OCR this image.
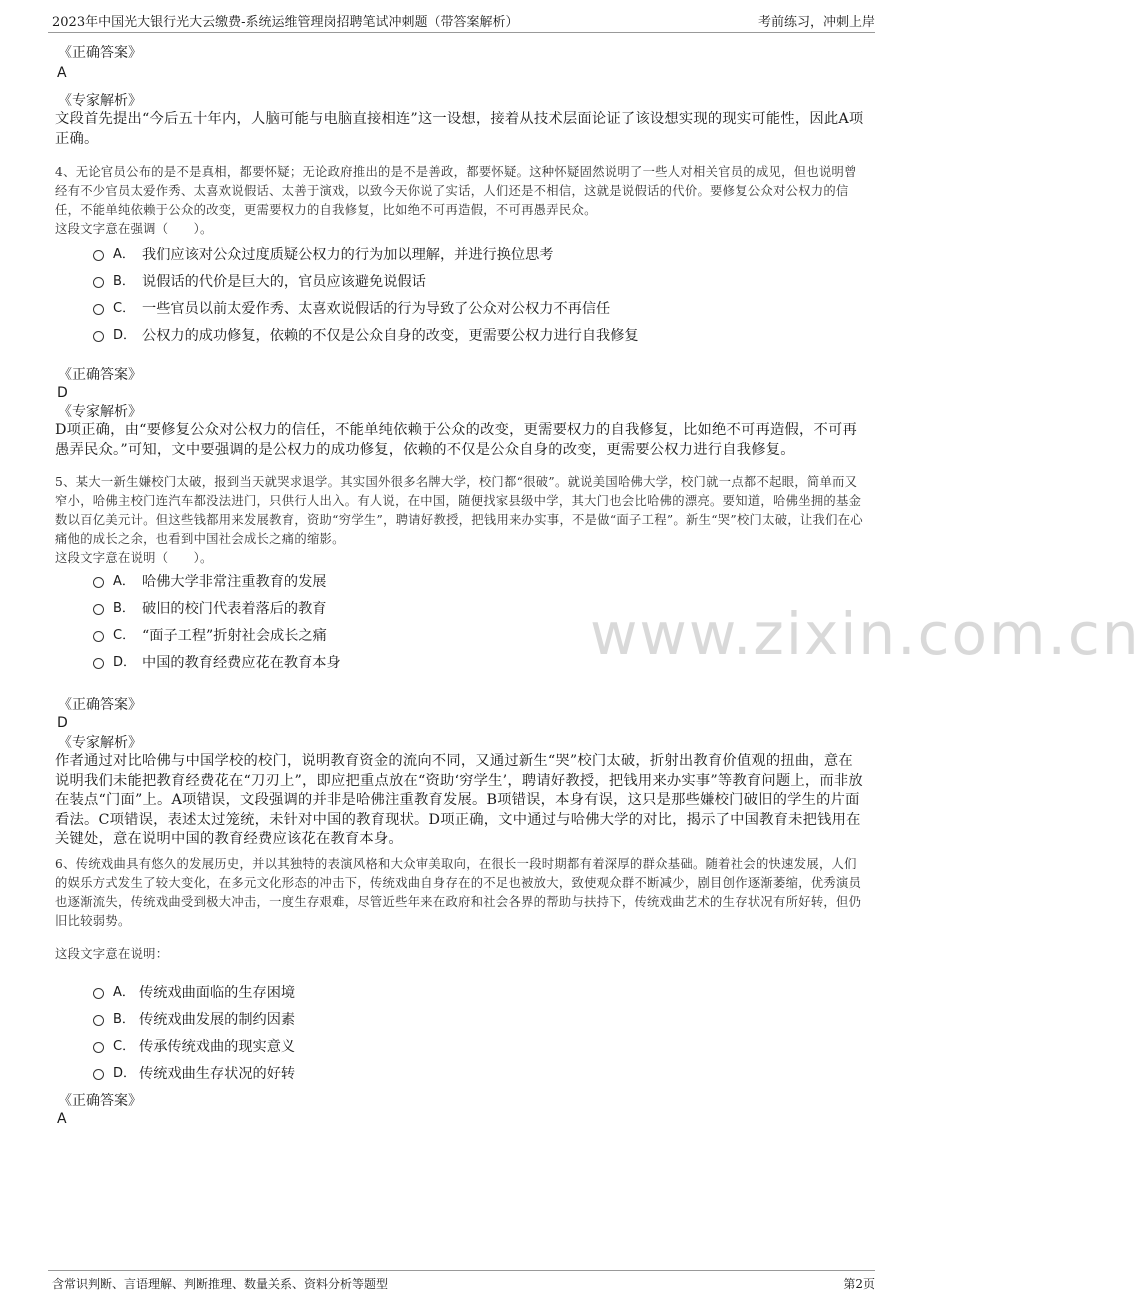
2023年中国光大银行光大云缴费-系统运维管理岗招聘笔试冲刺题（带答案解析）	考前练习，冲刺上岸
www.zixin.com.cn
《正确答案》
A
《专家解析》
文段首先提出“今后五十年内，人脑可能与电脑直接相连”这一设想，接着从技术层面论证了该设想实现的现实可能性，因此A项正确。
4、无论官员公布的是不是真相，都要怀疑；无论政府推出的是不是善政，都要怀疑。这种怀疑固然说明了一些人对相关官员的成见，但也说明曾经有不少官员太爱作秀、太喜欢说假话、太善于演戏，以致今天你说了实话，人们还是不相信，这就是说假话的代价。要修复公众对公权力的信任，不能单纯依赖于公众的改变，更需要权力的自我修复，比如绝不可再造假，不可再愚弄民众。
这段文字意在强调（　　）。
A． 我们应该对公众过度质疑公权力的行为加以理解，并进行换位思考
B． 说假话的代价是巨大的，官员应该避免说假话
C． 一些官员以前太爱作秀、太喜欢说假话的行为导致了公众对公权力不再信任
D． 公权力的成功修复，依赖的不仅是公众自身的改变，更需要公权力进行自我修复
《正确答案》
D
《专家解析》
D项正确，由“要修复公众对公权力的信任，不能单纯依赖于公众的改变，更需要权力的自我修复，比如绝不可再造假，不可再愚弄民众。”可知，文中要强调的是公权力的成功修复，依赖的不仅是公众自身的改变，更需要公权力进行自我修复。
5、某大一新生嫌校门太破，报到当天就哭求退学。其实国外很多名牌大学，校门都“很破”。就说美国哈佛大学，校门就一点都不起眼，简单而又窄小，哈佛主校门连汽车都没法进门，只供行人出入。有人说，在中国，随便找家县级中学，其大门也会比哈佛的漂亮。要知道，哈佛坐拥的基金数以百亿美元计。但这些钱都用来发展教育，资助“穷学生”，聘请好教授，把钱用来办实事，不是做“面子工程”。新生“哭”校门太破，让我们在心痛他的成长之余，也看到中国社会成长之痛的缩影。
这段文字意在说明（　　）。
A． 哈佛大学非常注重教育的发展
B． 破旧的校门代表着落后的教育
C． “面子工程”折射社会成长之痛
D． 中国的教育经费应花在教育本身
《正确答案》
D
《专家解析》
作者通过对比哈佛与中国学校的校门，说明教育资金的流向不同，又通过新生“哭”校门太破，折射出教育价值观的扭曲，意在说明我们未能把教育经费花在“刀刃上”，即应把重点放在“资助‘穷学生’，聘请好教授，把钱用来办实事”等教育问题上，而非放在装点“门面”上。A项错误，文段强调的并非是哈佛注重教育发展。B项错误，本身有误，这只是那些嫌校门破旧的学生的片面看法。C项错误，表述太过笼统，未针对中国的教育现状。D项正确，文中通过与哈佛大学的对比，揭示了中国教育未把钱用在关键处，意在说明中国的教育经费应该花在教育本身。
6、传统戏曲具有悠久的发展历史，并以其独特的表演风格和大众审美取向，在很长一段时期都有着深厚的群众基础。随着社会的快速发展，人们的娱乐方式发生了较大变化，在多元文化形态的冲击下，传统戏曲自身存在的不足也被放大，致使观众群不断减少，剧目创作逐渐萎缩，优秀演员也逐渐流失，传统戏曲受到极大冲击，一度生存艰难，尽管近些年来在政府和社会各界的帮助与扶持下，传统戏曲艺术的生存状况有所好转，但仍旧比较弱势。
这段文字意在说明：
A． 传统戏曲面临的生存困境
B． 传统戏曲发展的制约因素
C． 传承传统戏曲的现实意义
D． 传统戏曲生存状况的好转
《正确答案》
A
含常识判断、言语理解、判断推理、数量关系、资料分析等题型	第2页
